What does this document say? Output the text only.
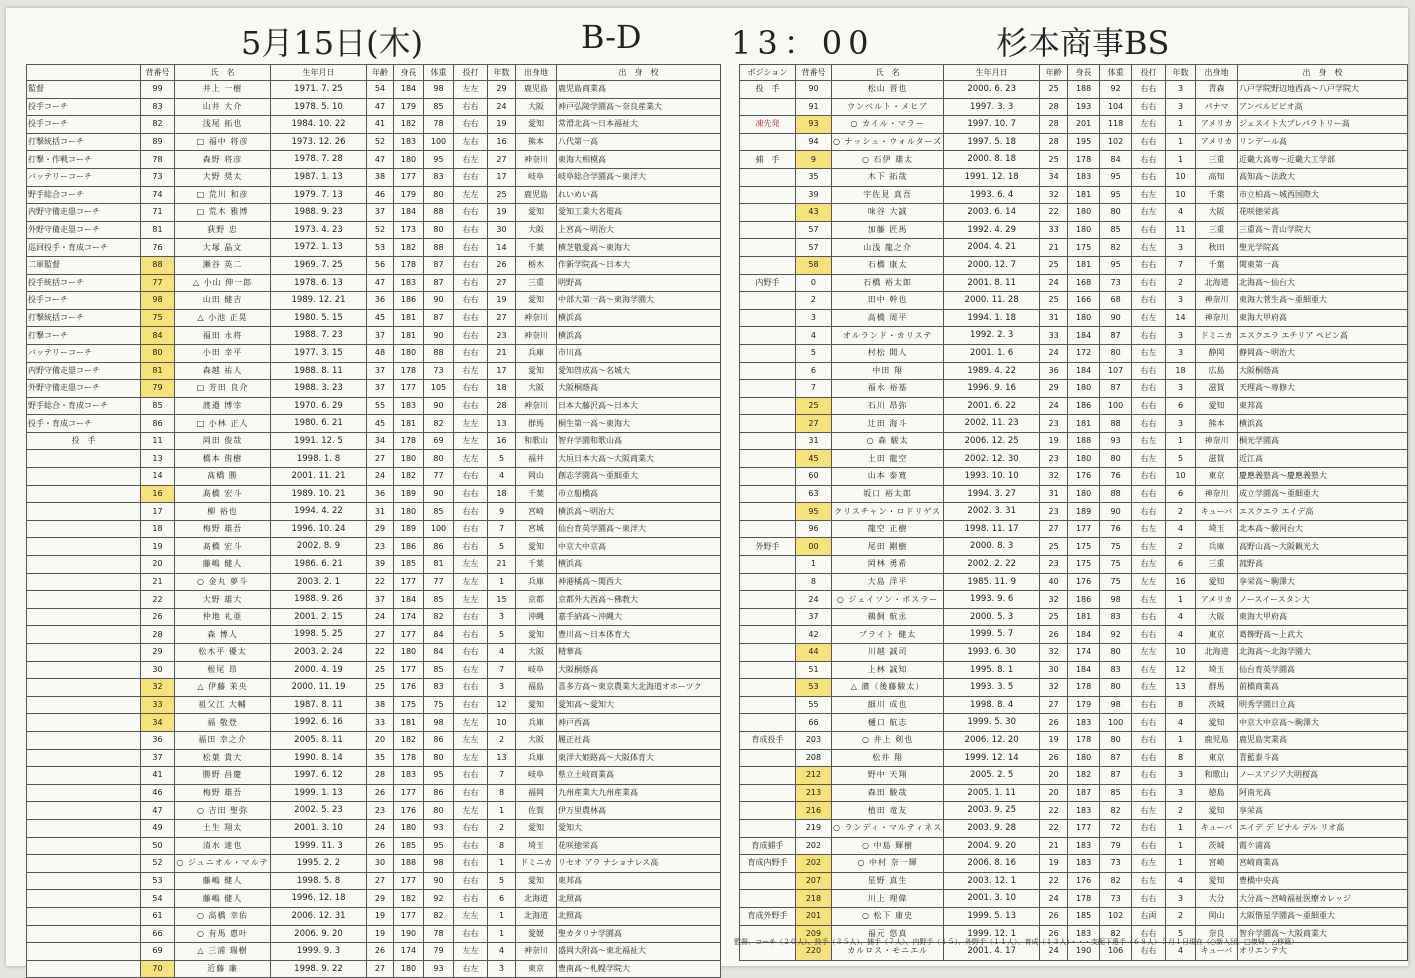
5月15日(木)	B-D	13：00	杉本商事BS
	背番号	氏　名	生年月日	年齢	身長	体重	投打	年数	出身地	出　身　校
監督	99	井上 一樹	1971. 7. 25	54	184	98	左左	29	鹿児島	鹿児島商業高
投手コーチ	83	山井 大介	1978. 5. 10	47	179	85	右右	24	大阪	神戸弘陵学園高～奈良産業大
投手コーチ	82	浅尾 拓也	1984. 10. 22	41	182	78	右右	19	愛知	常滑北高～日本福祉大
打撃統括コーチ	89	□ 福中 将彦	1973. 12. 26	52	183	100	左右	16	熊本	八代第一高
打撃・作戦コーチ	78	森野 将彦	1978. 7. 28	47	180	95	右左	27	神奈川	東海大相模高
バッテリーコーチ	73	大野 奨太	1987. 1. 13	38	177	83	右右	17	岐阜	岐阜総合学園高～東洋大
野手総合コーチ	74	□ 荒川 和彦	1979. 7. 13	46	179	80	左左	25	鹿児島	れいめい高
内野守備走塁コーチ	71	□ 荒木 雅博	1988. 9. 23	37	184	88	右右	19	愛知	愛知工業大名電高
外野守備走塁コーチ	81	荻野 忠	1973. 4. 23	52	173	80	右右	30	大阪	上宮高～明治大
巡回投手・育成コーチ	76	大塚 晶文	1972. 1. 13	53	182	88	右右	14	千葉	横芝敬愛高～東海大
二軍監督	88	瀬谷 英二	1969. 7. 25	56	178	87	右右	26	栃木	作新学院高～日本大
投手統括コーチ	77	△ 小山 伸一郎	1978. 6. 13	47	183	87	右右	27	三重	明野高
投手コーチ	98	山田 健吉	1989. 12. 21	36	186	90	右右	19	愛知	中部大第一高～東海学園大
打撃統括コーチ	75	△ 小池 正晃	1980. 5. 15	45	181	87	右右	27	神奈川	横浜高
打撃コーチ	84	福田 永将	1988. 7. 23	37	181	90	右右	23	神奈川	横浜高
バッテリーコーチ	80	小田 幸平	1977. 3. 15	48	180	88	右右	21	兵庫	市川高
内野守備走塁コーチ	81	森越 祐人	1988. 8. 11	37	178	73	右左	17	愛知	愛知啓成高～名城大
外野守備走塁コーチ	79	□ 芳田 良介	1988. 3. 23	37	177	105	右右	18	大阪	大阪桐蔭高
野手総合・育成コーチ	85	渡邉 博幸	1970. 6. 29	55	183	90	右右	28	神奈川	日本大藤沢高～日本大
投手・育成コーチ	86	□ 小林 正人	1980. 6. 21	45	181	82	左左	13	群馬	桐生第一高～東海大
投　手	11	岡田 俊哉	1991. 12. 5	34	178	69	左左	16	和歌山	智弁学園和歌山高
	13	橋本 侑樹	1998. 1. 8	27	180	80	左左	5	福井	大垣日本大高～大阪商業大
	14	髙橋 勝	2001. 11. 21	24	182	77	右右	4	岡山	創志学園高～亜細亜大
	16	髙橋 宏斗	1989. 10. 21	36	189	90	右右	18	千葉	市立船橋高
	17	柳 裕也	1994. 4. 22	31	180	85	右右	9	宮崎	横浜高～明治大
	18	梅野 雄吾	1996. 10. 24	29	189	100	右右	7	宮城	仙台育英学園高～東洋大
	19	髙橋 宏斗	2002. 8. 9	23	186	86	右右	5	愛知	中京大中京高
	20	藤嶋 健人	1986. 6. 21	39	185	81	左左	21	千葉	横浜高
	21	○ 金丸 夢斗	2003. 2. 1	22	177	77	左左	1	兵庫	神港橘高～関西大
	22	大野 雄大	1988. 9. 26	37	184	85	左左	15	京都	京都外大西高～佛教大
	26	仲地 礼亜	2001. 2. 15	24	174	82	右右	3	沖縄	嘉手納高～沖縄大
	28	森 博人	1998. 5. 25	27	177	84	右右	5	愛知	豊川高～日本体育大
	29	松木平 優太	2003. 2. 24	22	180	84	右右	4	大阪	精華高
	30	根尾 昂	2000. 4. 19	25	177	85	右左	7	岐阜	大阪桐蔭高
	32	△ 伊藤 茉央	2000. 11. 19	25	176	83	右右	3	福島	喜多方高～東京農業大北海道オホーツク
	33	祖父江 大輔	1987. 8. 11	38	175	75	右右	12	愛知	愛知高～愛知大
	34	福 敬登	1992. 6. 16	33	181	98	左左	10	兵庫	神戸西高
	36	福田 幸之介	2005. 8. 11	20	182	86	左左	2	大阪	履正社高
	37	松葉 貴大	1990. 8. 14	35	178	80	左左	13	兵庫	東洋大姫路高～大阪体育大
	41	勝野 昌慶	1997. 6. 12	28	183	95	右右	7	岐阜	県立土岐商業高
	46	梅野 雄吾	1999. 1. 13	26	177	86	右右	8	福岡	九州産業大九州産業高
	47	○ 吉田 聖弥	2002. 5. 23	23	176	80	左左	1	佐賀	伊万里農林高
	49	土生 翔太	2001. 3. 10	24	180	93	右右	2	愛知	愛知大
	50	清水 達也	1999. 11. 3	26	185	95	右右	8	埼玉	花咲徳栄高
	52	○ ジュニオル・マルテ	1995. 2. 2	30	188	98	右右	1	ドミニカ	リセオ アラ ナショナレス高
	53	藤嶋 健人	1998. 5. 8	27	177	90	右右	5	愛知	東邦高
	54	藤嶋 健人	1996. 12. 18	29	182	92	右右	6	北海道	北照高
	61	○ 高橋 幸佑	2006. 12. 31	19	177	82	左左	1	北海道	北照高
	66	○ 有馬 惠叶	2006. 9. 20	19	190	78	右右	1	愛媛	聖カタリナ学園高
	69	△ 三浦 瑞樹	1999. 9. 3	26	174	79	左左	4	神奈川	盛岡大附高～東北福祉大
	70	近藤 廉	1998. 9. 22	27	180	93	右左	3	東京	豊南高～札幌学院大
ポジション	背番号	氏　名	生年月日	年齢	身長	体重	投打	年数	出身地	出　身　校
投　手	90	松山 晋也	2000. 6. 23	25	188	92	右右	3	青森	八戸学院野辺地西高～八戸学院大
	91	ウンベルト・メヒア	1997. 3. 3	28	193	104	右右	3	パナマ	アンベルピピオ高
凍先発	93	○ カイル・マラー	1997. 10. 7	28	201	118	左右	1	アメリカ	ジェスイト大プレパラトリー高
	94	○ ナッシュ・ウォルターズ	1997. 5. 18	28	195	102	右右	1	アメリカ	リンデール高
捕　手	9	○ 石伊 雄太	2000. 8. 18	25	178	84	右右	1	三重	近畿大高専～近畿大工学部
	35	木下 拓哉	1991. 12. 18	34	183	95	右右	10	高知	高知高～法政大
	39	宇佐見 真吾	1993. 6. 4	32	181	95	右左	10	千葉	市立柏高～城西国際大
	43	味谷 大誠	2003. 6. 14	22	180	80	右左	4	大阪	花咲徳栄高
	57	加藤 匠馬	1992. 4. 29	33	180	85	右右	11	三重	三重高～青山学院大
	57	山浅 龍之介	2004. 4. 21	21	175	82	右左	3	秋田	聖光学院高
	58	石橋 康太	2000. 12. 7	25	181	95	右右	7	千葉	関東第一高
内野手	0	石橋 裕太郎	2001. 8. 11	24	168	73	右右	2	北海道	北海高～仙台大
	2	田中 幹也	2000. 11. 28	25	166	68	右右	3	神奈川	東海大菅生高～亜細亜大
	3	高橋 周平	1994. 1. 18	31	180	90	右左	14	神奈川	東海大甲府高
	4	オルランド・カリステ	1992. 2. 3	33	184	87	右右	3	ドミニカ	エスクエラ エチリア ペピン高
	5	村松 開人	2001. 1. 6	24	172	80	右左	3	静岡	静岡高～明治大
	6	中田 翔	1989. 4. 22	36	184	107	右右	18	広島	大阪桐蔭高
	7	福永 裕基	1996. 9. 16	29	180	87	右右	3	滋賀	天理高～専修大
	25	石川 昂弥	2001. 6. 22	24	186	100	右右	6	愛知	東邦高
	27	辻田 海斗	2002. 11. 23	23	181	88	右右	3	熊本	横浜高
	31	○ 森 駿太	2006. 12. 25	19	188	93	右左	1	神奈川	桐光学園高
	45	土田 龍空	2002. 12. 30	23	180	80	右左	5	滋賀	近江高
	60	山本 泰寛	1993. 10. 10	32	176	76	右右	10	東京	慶應義塾高～慶應義塾大
	63	坂口 裕太郎	1994. 3. 27	31	180	88	右右	6	神奈川	成立学園高～亜細亜大
	95	クリスチャン・ロドリゲス	2002. 3. 31	23	189	90	右右	2	キューバ	エスクエラ エイデ高
	96	龍空 正樹	1998. 11. 17	27	177	76	右左	4	埼玉	北本高～駿河台大
外野手	00	尾田 剛樹	2000. 8. 3	25	175	75	右左	2	兵庫	高野山高～大阪観光大
	1	岡林 勇希	2002. 2. 22	23	175	75	右左	6	三重	菰野高
	8	大島 洋平	1985. 11. 9	40	176	75	左左	16	愛知	享栄高～駒澤大
	24	○ ジェイソン・ボスラー	1993. 9. 6	32	186	98	右左	1	アメリカ	ノースイースタン大
	37	鵜飼 航丞	2000. 5. 3	25	181	83	右右	4	大阪	東海大甲府高
	42	ブライト 健太	1999. 5. 7	26	184	92	右右	4	東京	葛飾野高～上武大
	44	川越 誠司	1993. 6. 30	32	174	80	左左	10	北海道	北海高～北海学園大
	51	上林 誠知	1995. 8. 1	30	184	83	右左	12	埼玉	仙台育英学園高
	53	△ 濱（後藤駿太）	1993. 3. 5	32	178	80	右左	13	群馬	前橋商業高
	55	細川 成也	1998. 8. 4	27	179	98	右右	8	茨城	明秀学園日立高
	66	樋口 航志	1999. 5. 30	26	183	100	右右	4	愛知	中京大中京高～駒澤大
育成投手	203	○ 井上 剣也	2006. 12. 20	19	178	80	右右	1	鹿児島	鹿児島実業高
	208	松井 翔	1999. 12. 14	26	180	87	右右	8	東京	青藍泰斗高
	212	野中 天翔	2005. 2. 5	20	182	87	右右	3	和歌山	ノースアジア大明桜高
	213	森田 駿哉	2005. 1. 11	20	187	85	右右	3	徳島	阿南光高
	216	植田 竜友	2003. 9. 25	22	183	82	右左	2	愛知	享栄高
	219	○ ランディ・マルティネス	2003. 9. 28	22	177	72	右右	1	キューバ	エイデ デ ピナル デル リオ高
育成捕手	202	○ 中島 輝樹	2004. 9. 20	21	183	79	右右	1	茨城	霞ケ浦高
育成内野手	202	○ 中村 奈一輝	2006. 8. 16	19	183	73	右左	1	宮崎	宮崎商業高
	207	星野 真生	2003. 12. 1	22	176	82	右左	4	愛知	豊橋中央高
	218	川上 理偉	2001. 3. 10	24	178	73	右右	3	大分	大分高～宮崎福祉医療カレッジ
育成外野手	201	○ 松下 康史	1999. 5. 13	26	185	102	右両	2	岡山	大阪偕星学園高～亜細亜大
	209	福元 悠真	1999. 12. 1	26	183	82	右右	5	奈良	智弁学園高～大阪商業大
	220	カルロス・モニエル	2001. 4. 17	24	190	106	右右	4	キューバ	オリエンテ大
監督、コーチ（２０人）、投手（３５人）、捕手（７人）、内野手（１５）、外野手（１１人）、育成（１３人）・・・支配下選手（６８人）５月１日現在（○新入団、□復帰、△移籍）
